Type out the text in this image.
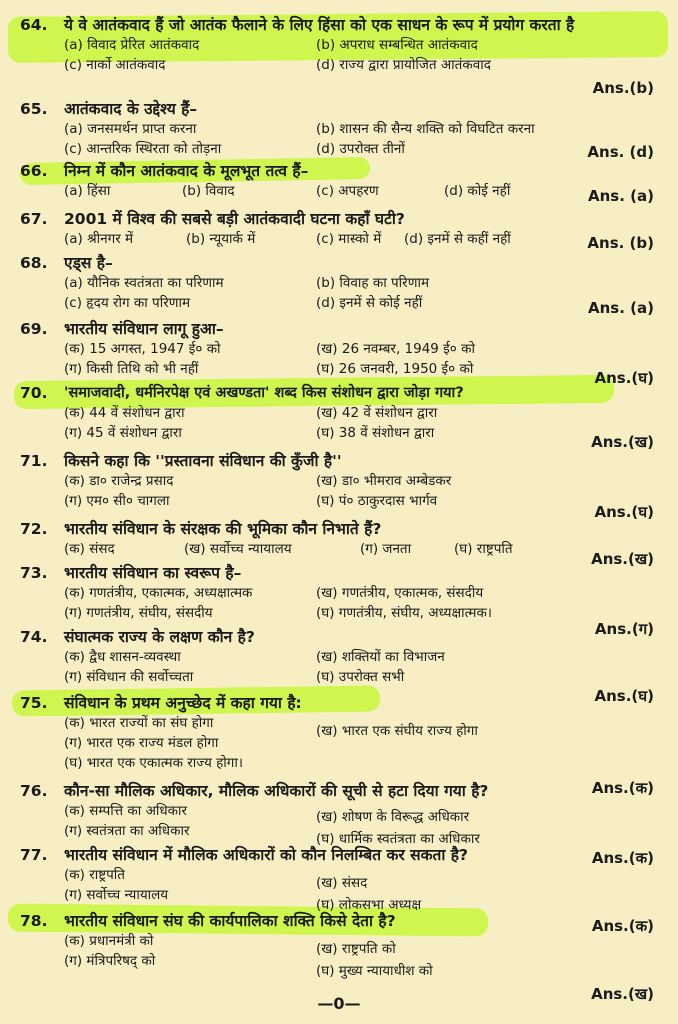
64.	ये वे आतंकवाद हैं जो आतंक फैलाने के लिए हिंसा को एक साधन के रूप में प्रयोग करता है
(a) विवाद प्रेरित आतंकवाद	(b) अपराध सम्बन्धित आतंकवाद
(c) नार्को आतंकवाद	(d) राज्य द्वारा प्रायोजित आतंकवाद
Ans.(b)
65.	आतंकवाद के उद्देश्य हैं–
(a) जनसमर्थन प्राप्त करना	(b) शासन की सैन्य शक्ति को विघटित करना
(c) आन्तरिक स्थिरता को तोड़ना	(d) उपरोक्त तीनों	Ans. (d)
66.	निम्न में कौन आतंकवाद के मूलभूत तत्व हैं–
(a) हिंसा	(b) विवाद	(c) अपहरण	(d) कोई नहीं	Ans. (a)
67.	2001 में विश्व की सबसे बड़ी आतंकवादी घटना कहाँ घटी?
(a) श्रीनगर में	(b) न्यूयार्क में	(c) मास्को में (d) इनमें से कहीं नहीं	Ans. (b)
68.	एड्स है–
(a) यौनिक स्वतंत्रता का परिणाम	(b) विवाह का परिणाम
(c) हृदय रोग का परिणाम	(d) इनमें से कोई नहीं	Ans. (a)
69.	भारतीय संविधान लागू हुआ–
(क) 15 अगस्त, 1947 ई० को	(ख) 26 नवम्बर, 1949 ई० को
(ग) किसी तिथि को भी नहीं	(घ) 26 जनवरी, 1950 ई० को	Ans.(घ)
70.	'समाजवादी, धर्मनिरपेक्ष एवं अखण्डता' शब्द किस संशोधन द्वारा जोड़ा गया?
(क) 44 वें संशोधन द्वारा	(ख) 42 वें संशोधन द्वारा
(ग) 45 वें संशोधन द्वारा	(घ) 38 वें संशोधन द्वारा	Ans.(ख)
71.	किसने कहा कि ''प्रस्तावना संविधान की कुँजी है''
(क) डा० राजेन्द्र प्रसाद	(ख) डा० भीमराव अम्बेडकर
(ग) एम० सी० चागला	(घ) पं० ठाकुरदास भार्गव
Ans.(घ)
72.	भारतीय संविधान के संरक्षक की भूमिका कौन निभाते हैं?
(क) संसद	(ख) सर्वोच्च न्यायालय	(ग) जनता	(घ) राष्ट्रपति
Ans.(ख)
73.	भारतीय संविधान का स्वरूप है–
(क) गणतंत्रीय, एकात्मक, अध्यक्षात्मक	(ख) गणतंत्रीय, एकात्मक, संसदीय
(ग) गणतंत्रीय, संघीय, संसदीय	(घ) गणतंत्रीय, संघीय, अध्यक्षात्मक।
Ans.(ग)
74.	संघात्मक राज्य के लक्षण कौन है?
(क) द्वैध शासन-व्यवस्था	(ख) शक्तियों का विभाजन
(ग) संविधान की सर्वोच्चता	(घ) उपरोक्त सभी
Ans.(घ)
75.	संविधान के प्रथम अनुच्छेद में कहा गया है:
(क) भारत राज्यों का संघ होगा	(ख) भारत एक संघीय राज्य होगा
(ग) भारत एक राज्य मंडल होगा
(घ) भारत एक एकात्मक राज्य होगा।
Ans.(क)
76.	कौन-सा मौलिक अधिकार, मौलिक अधिकारों की सूची से हटा दिया गया है?
(क) सम्पत्ति का अधिकार	(ख) शोषण के विरूद्ध अधिकार
(ग) स्वतंत्रता का अधिकार	(घ) धार्मिक स्वतंत्रता का अधिकार
Ans.(क)
77.	भारतीय संविधान में मौलिक अधिकारों को कौन निलम्बित कर सकता है?
(क) राष्ट्रपति	(ख) संसद
(ग) सर्वोच्च न्यायालय
(घ) लोकसभा अध्यक्ष
Ans.(क)
78.	भारतीय संविधान संघ की कार्यपालिका शक्ति किसे देता है?
(क) प्रधानमंत्री को	(ख) राष्ट्रपति को
(ग) मंत्रिपरिषद् को
(घ) मुख्य न्यायाधीश को
Ans.(ख)
—0—
